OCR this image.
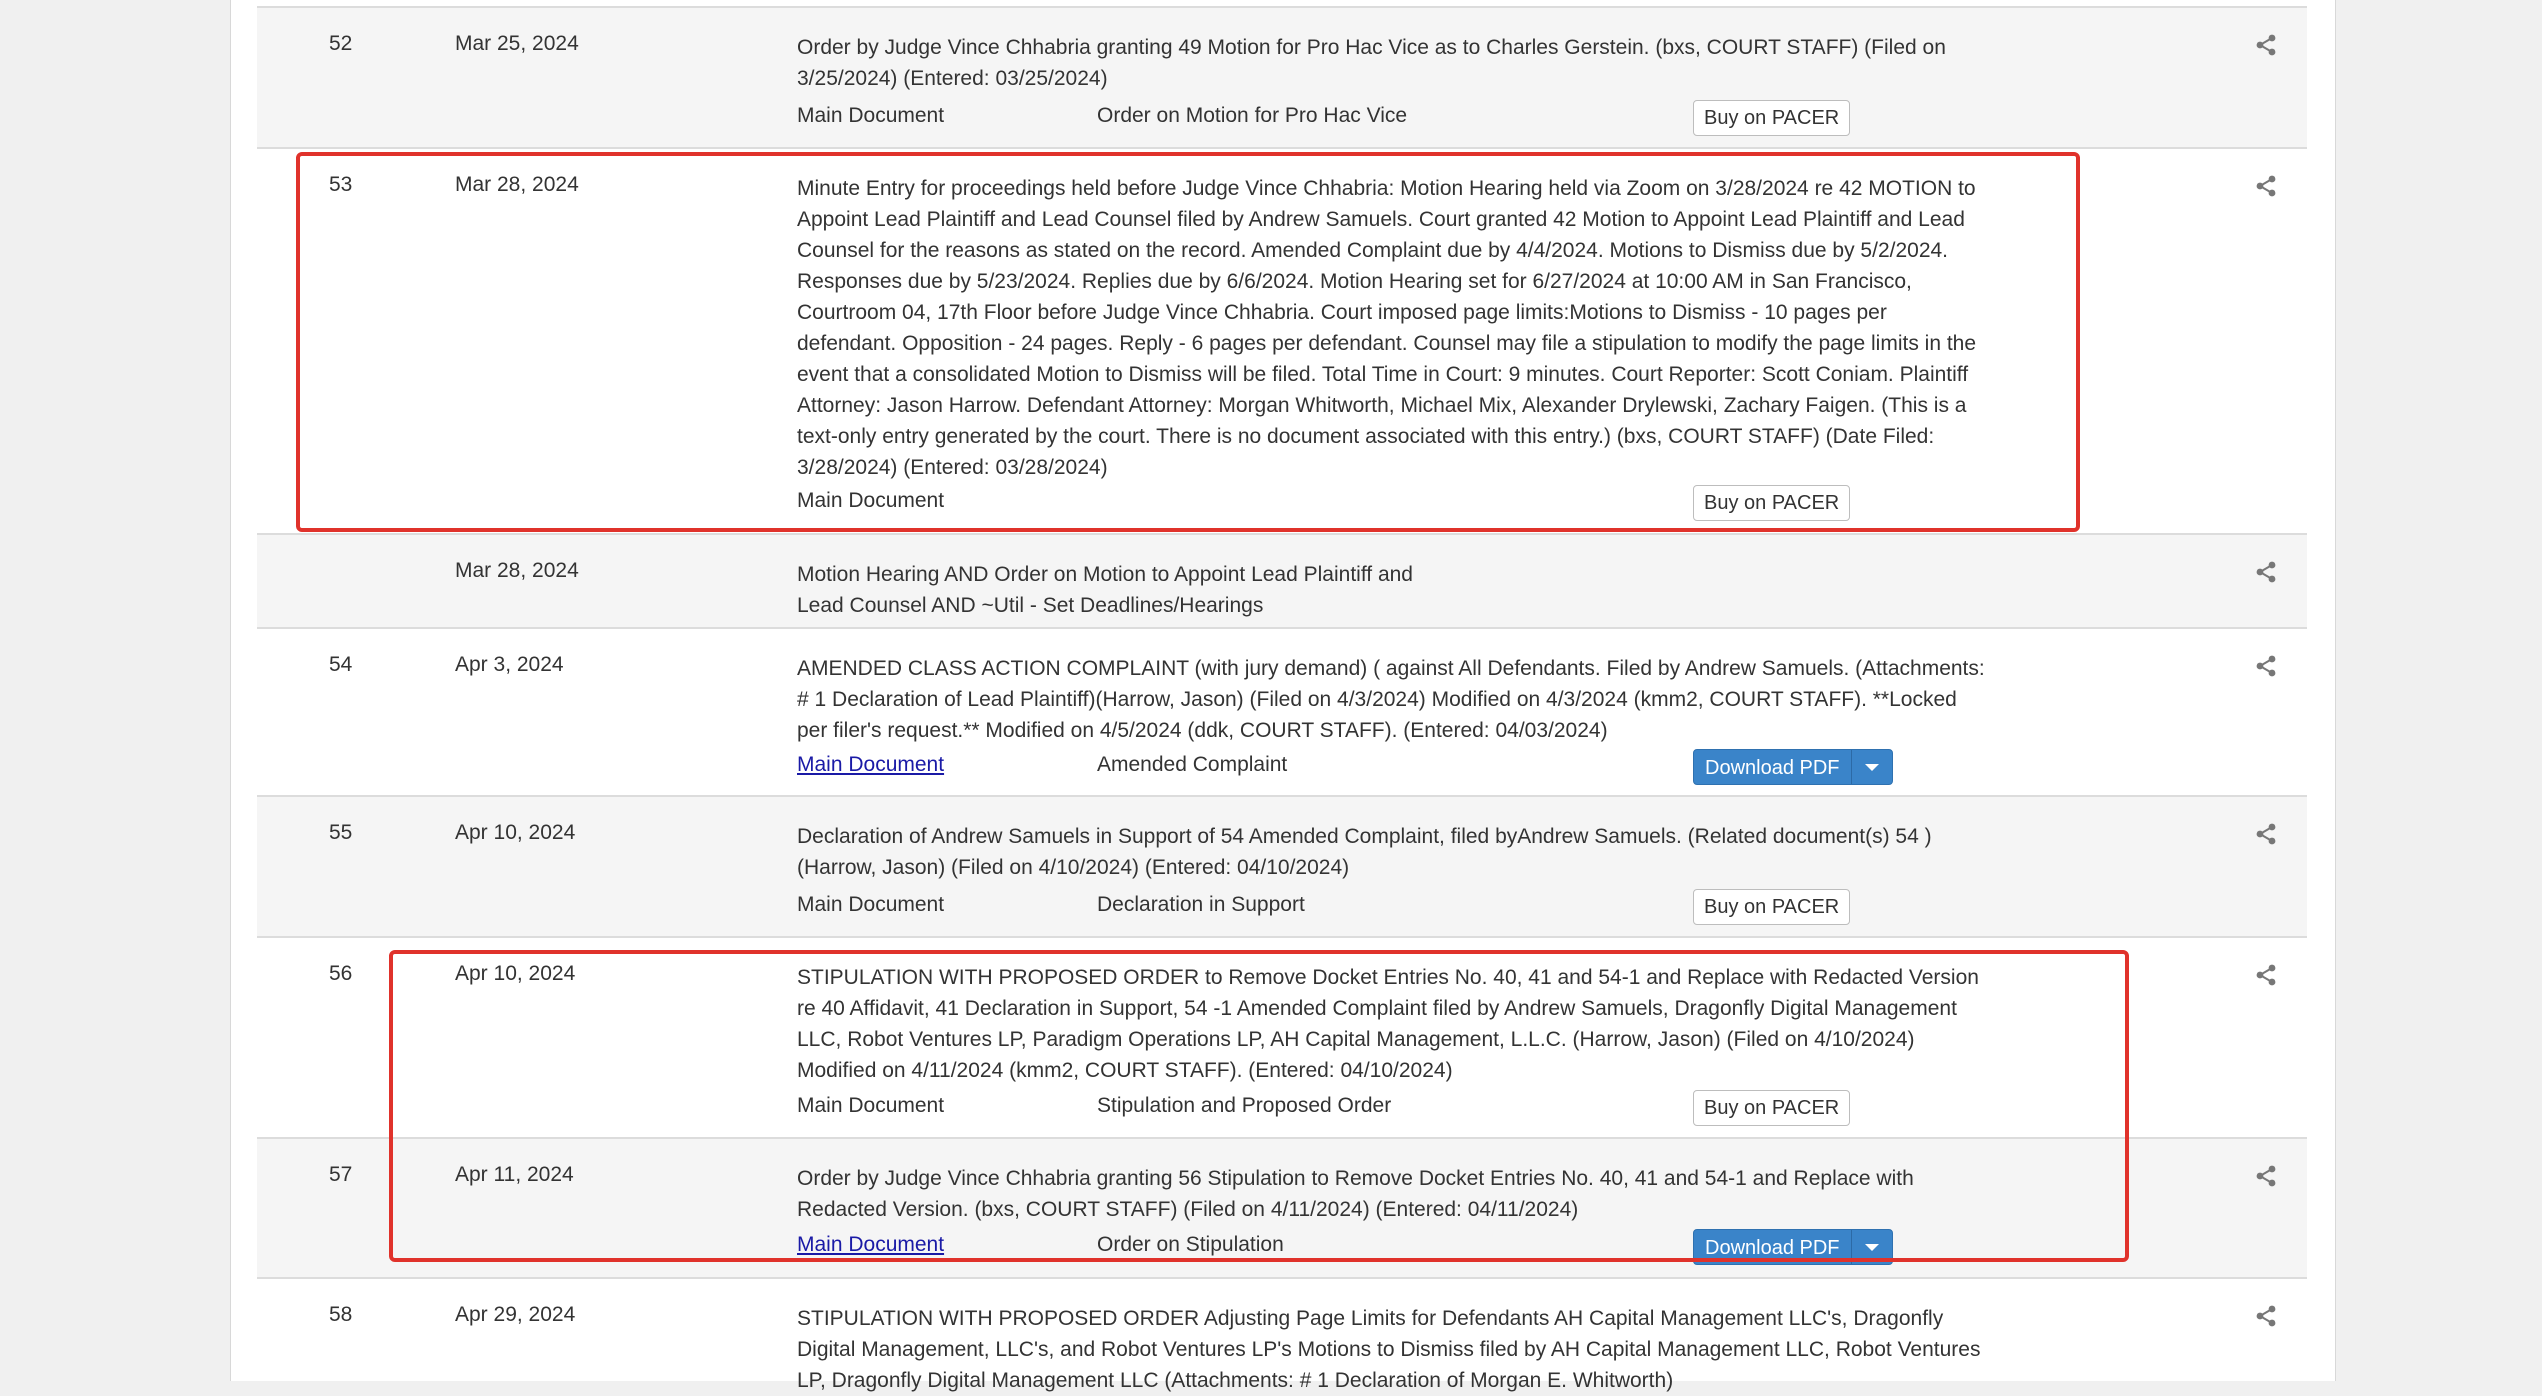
52	Mar 25, 2024	Order by Judge Vince Chhabria granting 49 Motion for Pro Hac Vice as to Charles Gerstein. (bxs, COURT STAFF) (Filed on 3/25/2024) (Entered: 03/25/2024)
Main Document	Order on Motion for Pro Hac Vice	Buy on PACER
53	Mar 28, 2024	Minute Entry for proceedings held before Judge Vince Chhabria: Motion Hearing held via Zoom on 3/28/2024 re 42 MOTION to Appoint Lead Plaintiff and Lead Counsel filed by Andrew Samuels. Court granted 42 Motion to Appoint Lead Plaintiff and Lead Counsel for the reasons as stated on the record. Amended Complaint due by 4/4/2024. Motions to Dismiss due by 5/2/2024. Responses due by 5/23/2024. Replies due by 6/6/2024. Motion Hearing set for 6/27/2024 at 10:00 AM in San Francisco, Courtroom 04, 17th Floor before Judge Vince Chhabria. Court imposed page limits:Motions to Dismiss - 10 pages per defendant. Opposition - 24 pages. Reply - 6 pages per defendant. Counsel may file a stipulation to modify the page limits in the event that a consolidated Motion to Dismiss will be filed. Total Time in Court: 9 minutes. Court Reporter: Scott Coniam. Plaintiff Attorney: Jason Harrow. Defendant Attorney: Morgan Whitworth, Michael Mix, Alexander Drylewski, Zachary Faigen. (This is a text-only entry generated by the court. There is no document associated with this entry.) (bxs, COURT STAFF) (Date Filed: 3/28/2024) (Entered: 03/28/2024)
Main Document	Buy on PACER
Mar 28, 2024	Motion Hearing AND Order on Motion to Appoint Lead Plaintiff and Lead Counsel AND ~Util - Set Deadlines/Hearings
54	Apr 3, 2024	AMENDED CLASS ACTION COMPLAINT (with jury demand) ( against All Defendants. Filed by Andrew Samuels. (Attachments: # 1 Declaration of Lead Plaintiff)(Harrow, Jason) (Filed on 4/3/2024) Modified on 4/3/2024 (kmm2, COURT STAFF). **Locked per filer's request.** Modified on 4/5/2024 (ddk, COURT STAFF). (Entered: 04/03/2024)
Main Document	Amended Complaint	Download PDF
55	Apr 10, 2024	Declaration of Andrew Samuels in Support of 54 Amended Complaint, filed byAndrew Samuels. (Related document(s) 54 ) (Harrow, Jason) (Filed on 4/10/2024) (Entered: 04/10/2024)
Main Document	Declaration in Support	Buy on PACER
56	Apr 10, 2024	STIPULATION WITH PROPOSED ORDER to Remove Docket Entries No. 40, 41 and 54-1 and Replace with Redacted Version re 40 Affidavit, 41 Declaration in Support, 54 -1 Amended Complaint filed by Andrew Samuels, Dragonfly Digital Management LLC, Robot Ventures LP, Paradigm Operations LP, AH Capital Management, L.L.C. (Harrow, Jason) (Filed on 4/10/2024) Modified on 4/11/2024 (kmm2, COURT STAFF). (Entered: 04/10/2024)
Main Document	Stipulation and Proposed Order	Buy on PACER
57	Apr 11, 2024	Order by Judge Vince Chhabria granting 56 Stipulation to Remove Docket Entries No. 40, 41 and 54-1 and Replace with Redacted Version. (bxs, COURT STAFF) (Filed on 4/11/2024) (Entered: 04/11/2024)
Main Document	Order on Stipulation	Download PDF
58	Apr 29, 2024	STIPULATION WITH PROPOSED ORDER Adjusting Page Limits for Defendants AH Capital Management LLC's, Dragonfly Digital Management, LLC's, and Robot Ventures LP's Motions to Dismiss filed by AH Capital Management LLC, Robot Ventures LP, Dragonfly Digital Management LLC (Attachments: # 1 Declaration of Morgan E. Whitworth)
